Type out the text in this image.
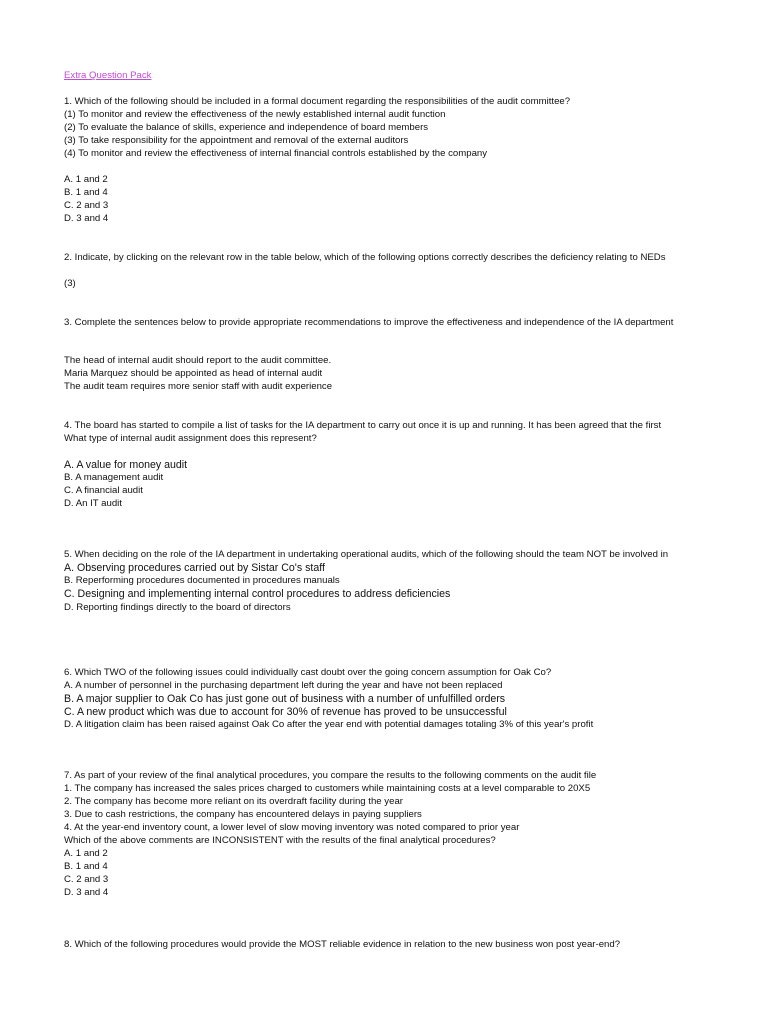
Extra Question Pack
1. Which of the following should be included in a formal document regarding the responsibilities of the audit committee?
(1) To monitor and review the effectiveness of the newly established internal audit function
(2) To evaluate the balance of skills, experience and independence of board members
(3) To take responsibility for the appointment and removal of the external auditors
(4) To monitor and review the effectiveness of internal financial controls established by the company
A. 1 and 2
B. 1 and 4
C. 2 and 3
D. 3 and 4
2. Indicate, by clicking on the relevant row in the table below, which of the following options correctly describes the deficiency relating to NEDs
(3)
3. Complete the sentences below to provide appropriate recommendations to improve the effectiveness and independence of the IA department
The head of internal audit should report to the audit committee.
Maria Marquez should be appointed as head of internal audit
The audit team requires more senior staff with audit experience
4. The board has started to compile a list of tasks for the IA department to carry out once it is up and running. It has been agreed that the first
What type of internal audit assignment does this represent?
A. A value for money audit
B. A management audit
C. A financial audit
D. An IT audit
5. When deciding on the role of the IA department in undertaking operational audits, which of the following should the team NOT be involved in
A. Observing procedures carried out by Sistar Co's staff
B. Reperforming procedures documented in procedures manuals
C. Designing and implementing internal control procedures to address deficiencies
D. Reporting findings directly to the board of directors
6. Which TWO of the following issues could individually cast doubt over the going concern assumption for Oak Co?
A. A number of personnel in the purchasing department left during the year and have not been replaced
B. A major supplier to Oak Co has just gone out of business with a number of unfulfilled orders
C. A new product which was due to account for 30% of revenue has proved to be unsuccessful
D. A litigation claim has been raised against Oak Co after the year end with potential damages totaling 3% of this year's profit
7. As part of your review of the final analytical procedures, you compare the results to the following comments on the audit file
1. The company has increased the sales prices charged to customers while maintaining costs at a level comparable to 20X5
2. The company has become more reliant on its overdraft facility during the year
3. Due to cash restrictions, the company has encountered delays in paying suppliers
4. At the year-end inventory count, a lower level of slow moving inventory was noted compared to prior year
Which of the above comments are INCONSISTENT with the results of the final analytical procedures?
A. 1 and 2
B. 1 and 4
C. 2 and 3
D. 3 and 4
8. Which of the following procedures would provide the MOST reliable evidence in relation to the new business won post year-end?
